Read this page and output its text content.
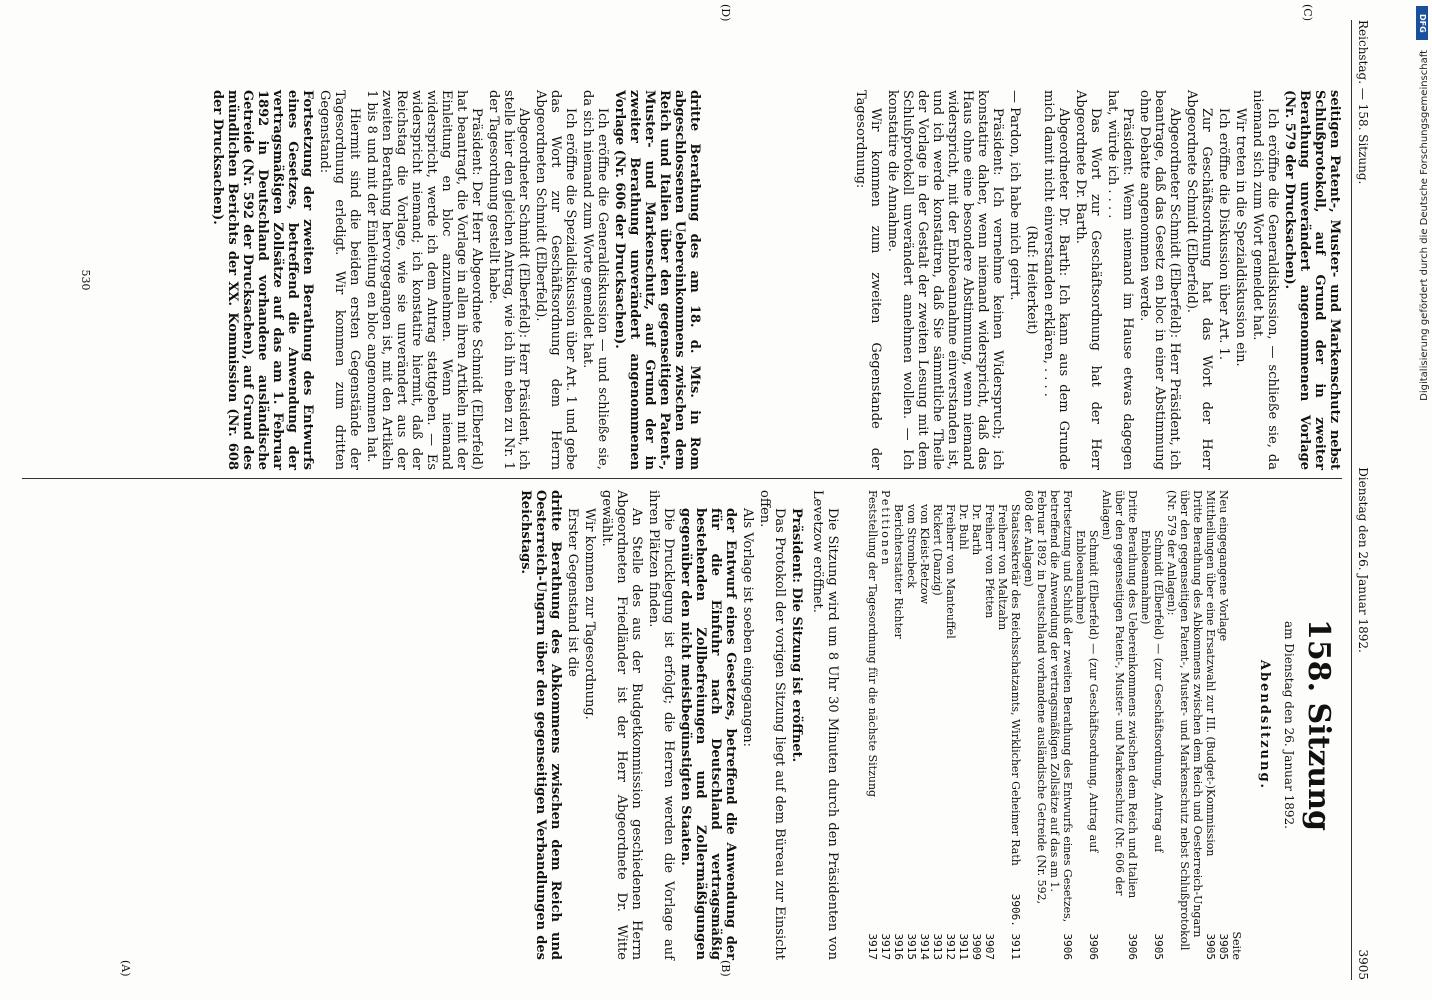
Reichstag. — 158. Sitzung.
Dienstag den 26. Januar 1892.
3905
(C)
(D)
(A)	(B)

seitigen Patent-, Muster- und Markenschutz nebst Schlußprotokoll, auf Grund der in zweiter Berathung unverändert angenommenen Vorlage (Nr. 579 der Drucksachen).

Ich eröffne die Generaldiskussion, — schließe sie, da niemand sich zum Wort gemeldet hat.

Wir treten in die Spezialdiskussion ein.

Ich eröffne die Diskussion über Art. 1.

Zur Geschäftsordnung hat das Wort der Herr Abgeordnete Schmidt (Elberfeld).

Abgeordneter Schmidt (Elberfeld): Herr Präsident, ich beantrage, daß das Gesetz en bloc in einer Abstimmung ohne Debatte angenommen werde.

Präsident: Wenn niemand im Hause etwas dagegen hat, würde ich . . . .

Das Wort zur Geschäftsordnung hat der Herr Abgeordnete Dr. Barth.

Abgeordneter Dr. Barth: Ich kann aus dem Grunde mich damit nicht einverstanden erklären, . . . .

(Ruf: Heiterkeit)

— Pardon, ich habe mich geirrt.

Präsident: Ich vernehme keinen Widerspruch; ich konstatire daher, wenn niemand widerspricht, daß das Haus ohne eine besondere Abstimmung, wenn niemand widerspricht, mit der Enbloeannahme einverstanden ist, und ich werde konstatiren, daß Sie sämmtliche Theile der Vorlage in der Gestalt der zweiten Lesung mit dem Schlußprotokoll unverändert annehmen wollen. — Ich konstatire die Annahme.

Wir kommen zum zweiten Gegenstande der Tagesordnung:

dritte Berathung des am 18. d. Mts. in Rom abgeschlossenen Uebereinkommens zwischen dem Reich und Italien über den gegenseitigen Patent-, Muster- und Markenschutz, auf Grund der in zweiter Berathung unverändert angenommenen Vorlage (Nr. 606 der Drucksachen).

Ich eröffne die Generaldiskussion — und schließe sie, da sich niemand zum Worte gemeldet hat.

Ich eröffne die Spezialdiskussion über Art. 1 und gebe das Wort zur Geschäftsordnung dem Herrn Abgeordneten Schmidt (Elberfeld).

Abgeordneter Schmidt (Elberfeld): Herr Präsident, ich stelle hier den gleichen Antrag, wie ich ihn eben zu Nr. 1 der Tagesordnung gestellt habe.

Präsident: Der Herr Abgeordnete Schmidt (Elberfeld) hat beantragt, die Vorlage in allen ihren Artikeln mit der Einleitung en bloc anzunehmen. Wenn niemand widerspricht, werde ich dem Antrag stattgeben. — Es widerspricht niemand; ich konstatire hiermit, daß der Reichstag die Vorlage, wie sie unverändert aus der zweiten Berathung hervorgegangen ist, mit den Artikeln 1 bis 8 und mit der Einleitung en bloc angenommen hat.

Hiermit sind die beiden ersten Gegenstände der Tagesordnung erledigt. Wir kommen zum dritten Gegenstand:

Fortsetzung der zweiten Berathung des Entwurfs eines Gesetzes, betreffend die Anwendung der vertragsmäßigen Zollsätze auf das am 1. Februar 1892 in Deutschland vorhandene ausländische Getreide (Nr. 592 der Drucksachen), auf Grund des mündlichen Berichts der XX. Kommission (Nr. 608 der Drucksachen).

158. Sitzung
am Dienstag den 26. Januar 1892.
Abendsitzung.
Seite
Neu eingegangene Vorlage
3905
Mittheilungen über eine Ersatzwahl zur III. (Budget-)Kommission
3905
Dritte Berathung des Abkommens zwischen dem Reich und Oesterreich-Ungarn über den gegenseitigen Patent-, Muster- und Markenschutz nebst Schlußprotokoll (Nr. 579 der Anlagen):
Schmidt (Elberfeld) — (zur Geschäftsordnung, Antrag auf Enbloeannahme)
3905
Dritte Berathung des Uebereinkommens zwischen dem Reich und Italien über den gegenseitigen Patent-, Muster- und Markenschutz (Nr. 606 der Anlagen)
3906
Schmidt (Elberfeld) — (zur Geschäftsordnung, Antrag auf Enbloeannahme)
3906
Fortsetzung und Schluß der zweiten Berathung des Entwurfs eines Gesetzes, betreffend die Anwendung der vertragsmäßigen Zollsätze auf das am 1. Februar 1892 in Deutschland vorhandene ausländische Getreide (Nr. 592, 608 der Anlagen)
3906
Staatssekretär des Reichsschatzamts, Wirklicher Geheimer Rath Freiherr von Maltzahn
3906. 3911
Freiherr von Pfetten
3907
Dr. Barth
3909
Dr. Buhl
3911
Freiherr von Manteuffel
3912
Rickert (Danzig)
3913
von Kleist-Retzow
3914
von Strombeck
3915
Berichterstatter Richter
3916
Petitionen
3917
Feststellung der Tagesordnung für die nächste Sitzung
3917

Die Sitzung wird um 8 Uhr 30 Minuten durch den Präsidenten von Levetzow eröffnet.

Präsident: Die Sitzung ist eröffnet.

Das Protokoll der vorigen Sitzung liegt auf dem Büreau zur Einsicht offen.

Als Vorlage ist soeben eingegangen:

der Entwurf eines Gesetzes, betreffend die Anwendung der für die Einfuhr nach Deutschland vertragsmäßig bestehenden Zollbefreiungen und Zollermäßigungen gegenüber den nicht meistbegünstigten Staaten.

Die Drucklegung ist erfolgt; die Herren werden die Vorlage auf ihren Plätzen finden.

An Stelle des aus der Budgetkommission geschiedenen Herrn Abgeordneten Friedländer ist der Herr Abgeordnete Dr. Witte gewählt.

Wir kommen zur Tagesordnung.

Erster Gegenstand ist die

dritte Berathung des Abkommens zwischen dem Reich und Oesterreich-Ungarn über den gegenseitigen Verbandlungen des Reichstags.

530
DFG
Digitalisierung gefördert durch die Deutsche Forschungsgemeinschaft
